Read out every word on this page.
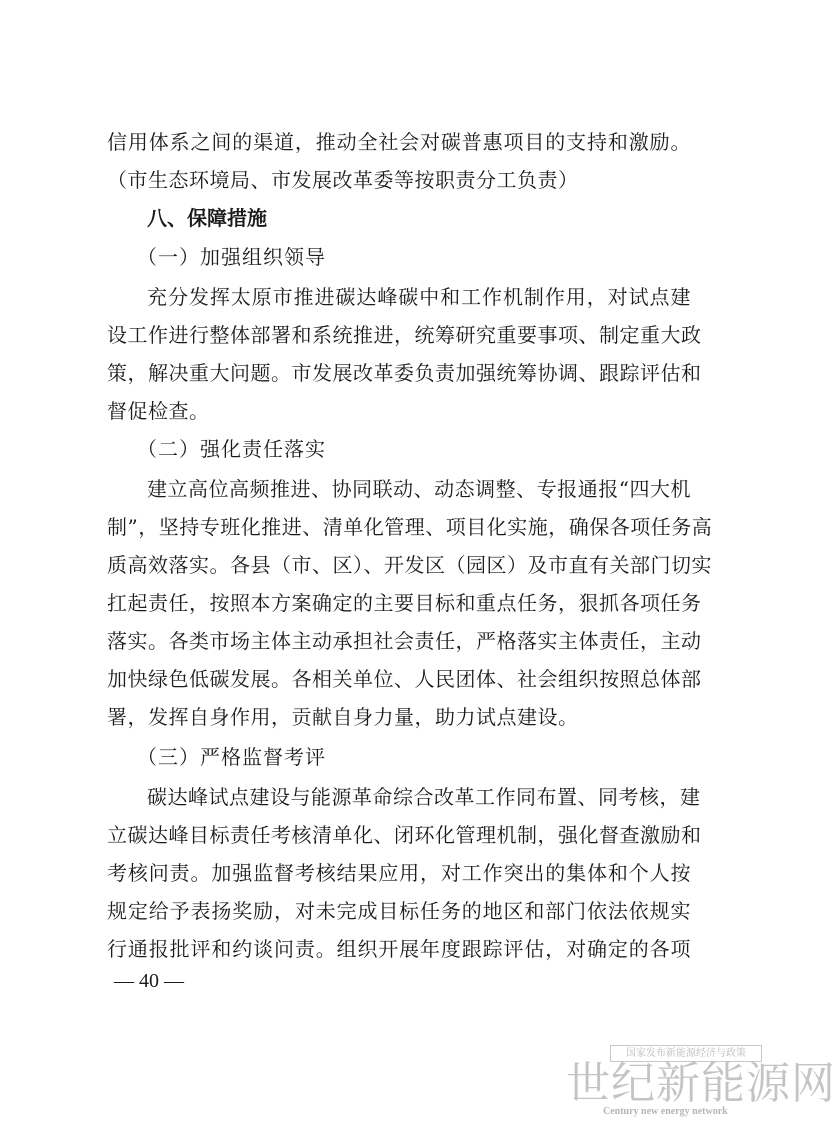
信用体系之间的渠道，推动全社会对碳普惠项目的支持和激励。
（市生态环境局、市发展改革委等按职责分工负责）
八、保障措施
（一）加强组织领导
充分发挥太原市推进碳达峰碳中和工作机制作用，对试点建
设工作进行整体部署和系统推进，统筹研究重要事项、制定重大政
策，解决重大问题。市发展改革委负责加强统筹协调、跟踪评估和
督促检查。
（二）强化责任落实
建立高位高频推进、协同联动、动态调整、专报通报“四大机
制”，坚持专班化推进、清单化管理、项目化实施，确保各项任务高
质高效落实。各县（市、区）、开发区（园区）及市直有关部门切实
扛起责任，按照本方案确定的主要目标和重点任务，狠抓各项任务
落实。各类市场主体主动承担社会责任，严格落实主体责任，主动
加快绿色低碳发展。各相关单位、人民团体、社会组织按照总体部
署，发挥自身作用，贡献自身力量，助力试点建设。
（三）严格监督考评
碳达峰试点建设与能源革命综合改革工作同布置、同考核，建
立碳达峰目标责任考核清单化、闭环化管理机制，强化督查激励和
考核问责。加强监督考核结果应用，对工作突出的集体和个人按
规定给予表扬奖励，对未完成目标任务的地区和部门依法依规实
行通报批评和约谈问责。组织开展年度跟踪评估，对确定的各项
— 40 —
国家发布新能源经济与政策
世纪新能源网
Century new energy network
